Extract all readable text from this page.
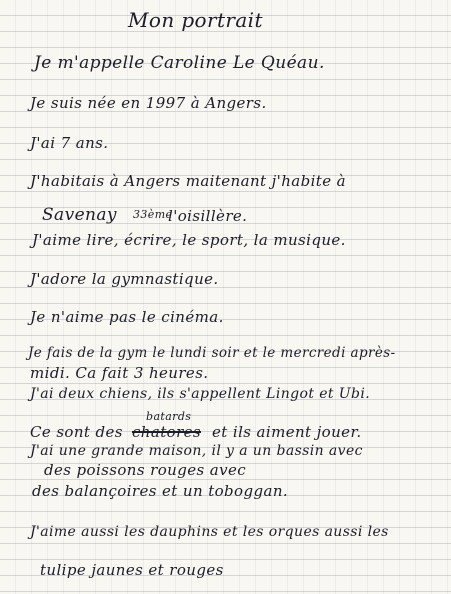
Mon portrait
Je m'appelle Caroline Le Quéau.
Je suis née en 1997 à Angers.
J'ai 7 ans.
J'habitais à Angers maitenant j'habite à
Savenay 33ème
l'oisillère.
J'aime lire, écrire, le sport, la musique.
J'adore la gymnastique.
Je n'aime pas le cinéma.
Je fais de la gym le lundi soir et le mercredi après-
midi. Ca fait 3 heures.
J'ai deux chiens, ils s'appellent Lingot et Ubi.
Ce sont des
batards
chatores et ils aiment jouer.
J'ai une grande maison, il y a un bassin avec
des poissons rouges avec
des balançoires et un toboggan.
J'aime aussi les dauphins et les orques aussi les
tulipe jaunes et rouges
